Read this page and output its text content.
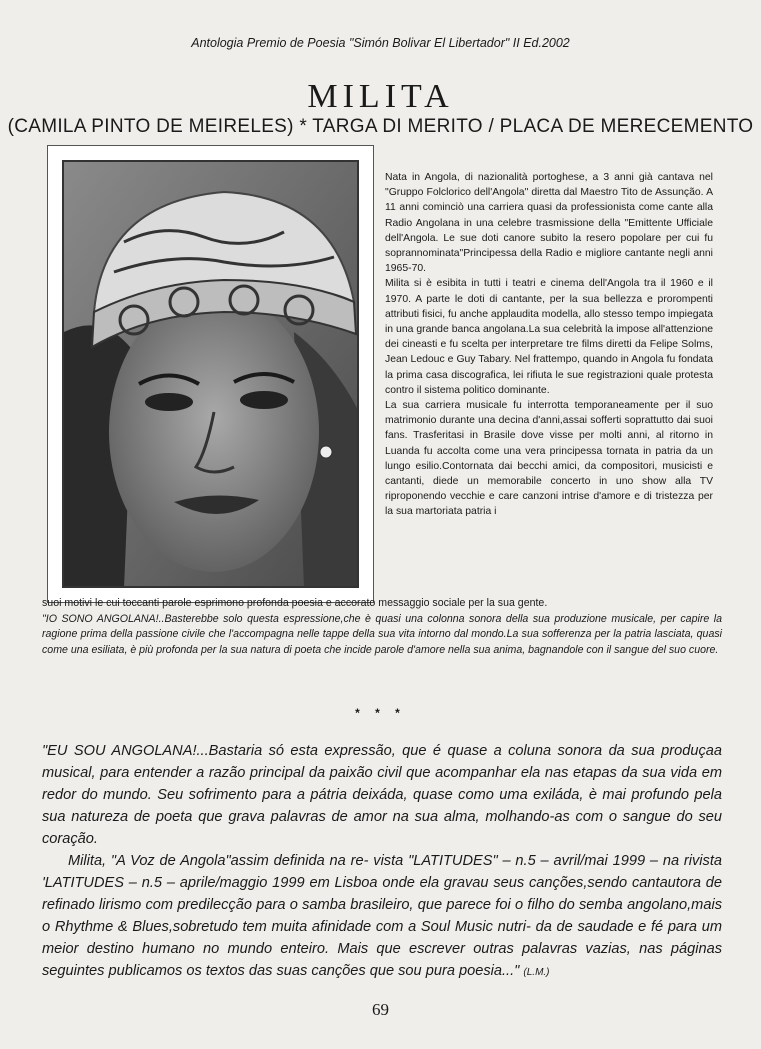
Antologia Premio de Poesia "Simón Bolivar El Libertador" II Ed.2002
MILITA
(CAMILA PINTO DE MEIRELES) * TARGA DI MERITO / PLACA DE MERECEMENTO

Nata in Angola, di nazionalità portoghese, a 3 anni già cantava nel "Gruppo Folclorico dell'Angola" diretta dal Maestro Tito de Assunção. A 11 anni cominciò una carriera quasi da professionista come cante alla Radio Angolana in una celebre trasmissione della "Emittente Ufficiale dell'Angola. Le sue doti canore subito la resero popolare per cui fu soprannominata"Principessa della Radio e migliore cantante negli anni 1965-70.

Milita si è esibita in tutti i teatri e cinema dell'Angola tra il 1960 e il 1970. A parte le doti di cantante, per la sua bellezza e prorompenti attributi fisici, fu anche applaudita modella, allo stesso tempo impiegata in una grande banca angolana.La sua celebrità la impose all'attenzione dei cineasti e fu scelta per interpretare tre films diretti da Felipe Solms, Jean Ledouc e Guy Tabary. Nel frattempo, quando in Angola fu fondata la prima casa discografica, lei rifiuta le sue registrazioni quale protesta contro il sistema politico dominante.

La sua carriera musicale fu interrotta temporaneamente per il suo matrimonio durante una decina d'anni,assai sofferti soprattutto dai suoi fans. Trasferitasi in Brasile dove visse per molti anni, al ritorno in Luanda fu accolta come una vera principessa tornata in patria da un lungo esilio.Contornata dai becchi amici, da compositori, musicisti e cantanti, diede un memorabile concerto in uno show alla TV riproponendo vecchie e care canzoni intrise d'amore e di tristezza per la sua martoriata patria i

suoi motivi le cui toccanti parole esprimono profonda poesia e accorato messaggio sociale per la sua gente.

"IO SONO ANGOLANA!..Basterebbe solo questa espressione,che è quasi una colonna sonora della sua produzione musicale, per capire la ragione prima della passione civile che l'accompagna nelle tappe della sua vita intorno dal mondo.La sua sofferenza per la patria lasciata, quasi come una esiliata, è più profonda per la sua natura di poeta che incide parole d'amore nella sua anima, bagnandole con il sangue del suo cuore.

* * *

"EU SOU ANGOLANA!...Bastaria só esta expressão, que é quase a coluna sonora da sua produçaa musical, para entender a razão principal da paixão civil que acompanhar ela nas etapas da sua vida em redor do mundo. Seu sofrimento para a pátria deixáda, quase como uma exiláda, è mai profundo pela sua natureza de poeta que grava palavras de amor na sua alma, molhando-as com o sangue do seu coração.

Milita, "A Voz de Angola"assim definida na re- vista "LATITUDES" – n.5 – avril/mai 1999 – na rivista 'LATITUDES – n.5 – aprile/maggio 1999 em Lisboa onde ela gravau seus canções,sendo cantautora de refinado lirismo com predilecção para o samba brasileiro, que parece foi o filho do semba angolano,mais o Rhythme & Blues,sobretudo tem muita afinidade com a Soul Music nutri- da de saudade e fé para um meior destino humano no mundo enteiro. Mais que escrever outras palavras vazias, nas páginas seguintes publicamos os textos das suas canções que sou pura poesia..." (L.M.)

69
